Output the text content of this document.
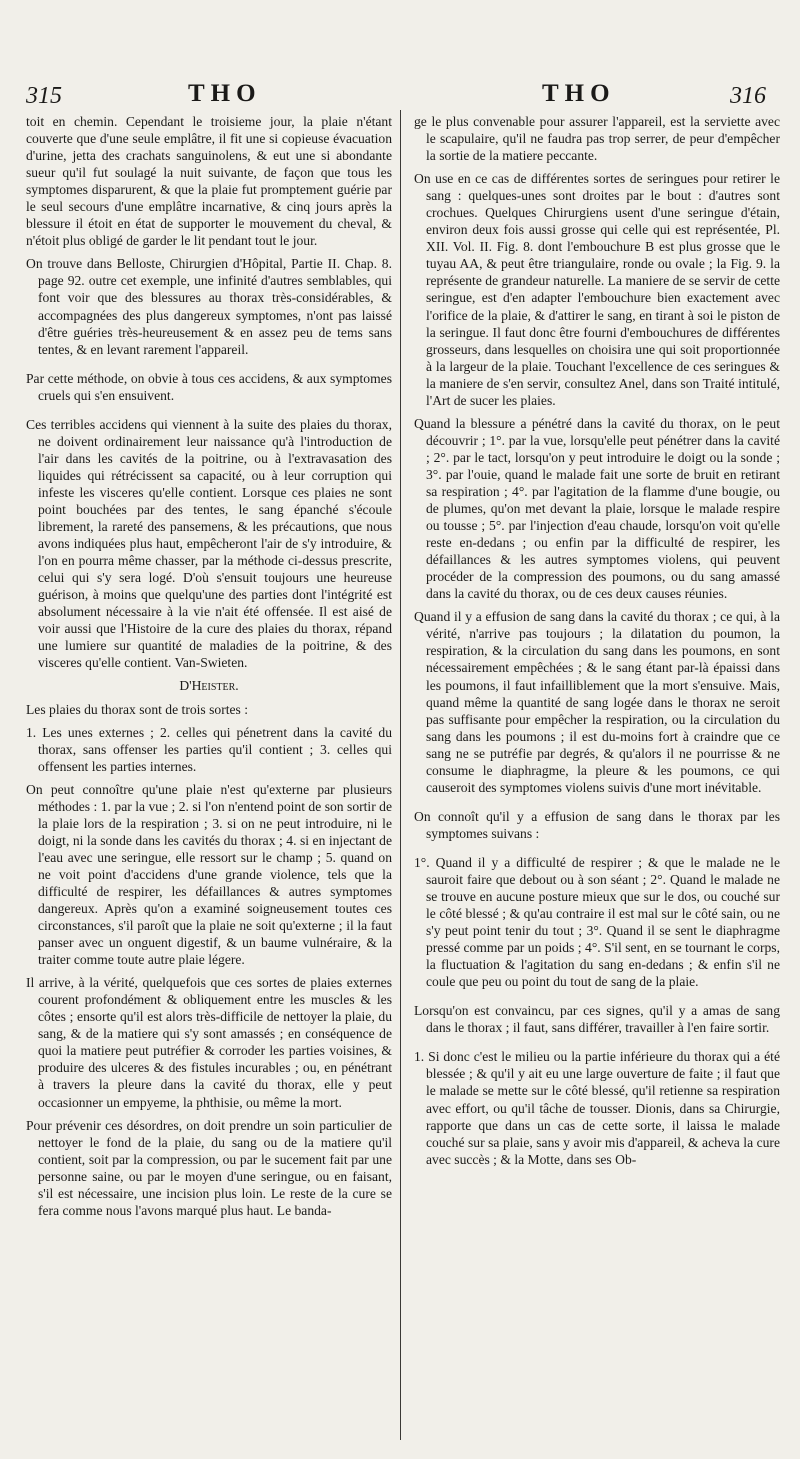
315	THO	THO	316

toit en chemin. Cependant le troisieme jour, la plaie n'étant couverte que d'une seule emplâtre, il fit une si copieuse évacuation d'urine, jetta des crachats sanguinolens, & eut une si abondante sueur qu'il fut soulagé la nuit suivante, de façon que tous les symptomes disparurent, & que la plaie fut promptement guérie par le seul secours d'une emplâtre incarnative, & cinq jours après la blessure il étoit en état de supporter le mouvement du cheval, & n'étoit plus obligé de garder le lit pendant tout le jour.

On trouve dans Belloste, Chirurgien d'Hôpital, Partie II. Chap. 8. page 92. outre cet exemple, une infinité d'autres semblables, qui font voir que des blessures au thorax très-considérables, & accompagnées des plus dangereux symptomes, n'ont pas laissé d'être guéries très-heureusement & en assez peu de tems sans tentes, & en levant rarement l'appareil.

Par cette méthode, on obvie à tous ces accidens, & aux symptomes cruels qui s'en ensuivent.

Ces terribles accidens qui viennent à la suite des plaies du thorax, ne doivent ordinairement leur naissance qu'à l'introduction de l'air dans les cavités de la poitrine, ou à l'extravasation des liquides qui rétrécissent sa capacité, ou à leur corruption qui infeste les visceres qu'elle contient. Lorsque ces plaies ne sont point bouchées par des tentes, le sang épanché s'écoule librement, la rareté des pansemens, & les précautions, que nous avons indiquées plus haut, empêcheront l'air de s'y introduire, & l'on en pourra même chasser, par la méthode ci-dessus prescrite, celui qui s'y sera logé. D'où s'ensuit toujours une heureuse guérison, à moins que quelqu'une des parties dont l'intégrité est absolument nécessaire à la vie n'ait été offensée. Il est aisé de voir aussi que l'Histoire de la cure des plaies du thorax, répand une lumiere sur quantité de maladies de la poitrine, & des visceres qu'elle contient. Van-Swieten.

D'Heister.

Les plaies du thorax sont de trois sortes :

1. Les unes externes ; 2. celles qui pénetrent dans la cavité du thorax, sans offenser les parties qu'il contient ; 3. celles qui offensent les parties internes.

On peut connoître qu'une plaie n'est qu'externe par plusieurs méthodes : 1. par la vue ; 2. si l'on n'entend point de son sortir de la plaie lors de la respiration ; 3. si on ne peut introduire, ni le doigt, ni la sonde dans les cavités du thorax ; 4. si en injectant de l'eau avec une seringue, elle ressort sur le champ ; 5. quand on ne voit point d'accidens d'une grande violence, tels que la difficulté de respirer, les défaillances & autres symptomes dangereux. Après qu'on a examiné soigneusement toutes ces circonstances, s'il paroît que la plaie ne soit qu'externe ; il la faut panser avec un onguent digestif, & un baume vulnéraire, & la traiter comme toute autre plaie légere.

Il arrive, à la vérité, quelquefois que ces sortes de plaies externes courent profondément & obliquement entre les muscles & les côtes ; ensorte qu'il est alors très-difficile de nettoyer la plaie, du sang, & de la matiere qui s'y sont amassés ; en conséquence de quoi la matiere peut putréfier & corroder les parties voisines, & produire des ulceres & des fistules incurables ; ou, en pénétrant à travers la pleure dans la cavité du thorax, elle y peut occasionner un empyeme, la phthisie, ou même la mort.

Pour prévenir ces désordres, on doit prendre un soin particulier de nettoyer le fond de la plaie, du sang ou de la matiere qu'il contient, soit par la compression, ou par le sucement fait par une personne saine, ou par le moyen d'une seringue, ou en faisant, s'il est nécessaire, une incision plus loin. Le reste de la cure se fera comme nous l'avons marqué plus haut. Le banda-

ge le plus convenable pour assurer l'appareil, est la serviette avec le scapulaire, qu'il ne faudra pas trop serrer, de peur d'empêcher la sortie de la matiere peccante.

On use en ce cas de différentes sortes de seringues pour retirer le sang : quelques-unes sont droites par le bout : d'autres sont crochues. Quelques Chirurgiens usent d'une seringue d'étain, environ deux fois aussi grosse qui celle qui est représentée, Pl. XII. Vol. II. Fig. 8. dont l'embouchure B est plus grosse que le tuyau AA, & peut être triangulaire, ronde ou ovale ; la Fig. 9. la représente de grandeur naturelle. La maniere de se servir de cette seringue, est d'en adapter l'embouchure bien exactement avec l'orifice de la plaie, & d'attirer le sang, en tirant à soi le piston de la seringue. Il faut donc être fourni d'embouchures de différentes grosseurs, dans lesquelles on choisira une qui soit proportionnée à la largeur de la plaie. Touchant l'excellence de ces seringues & la maniere de s'en servir, consultez Anel, dans son Traité intitulé, l'Art de sucer les plaies.

Quand la blessure a pénétré dans la cavité du thorax, on le peut découvrir ; 1°. par la vue, lorsqu'elle peut pénétrer dans la cavité ; 2°. par le tact, lorsqu'on y peut introduire le doigt ou la sonde ; 3°. par l'ouie, quand le malade fait une sorte de bruit en retirant sa respiration ; 4°. par l'agitation de la flamme d'une bougie, ou de plumes, qu'on met devant la plaie, lorsque le malade respire ou tousse ; 5°. par l'injection d'eau chaude, lorsqu'on voit qu'elle reste en-dedans ; ou enfin par la difficulté de respirer, les défaillances & les autres symptomes violens, qui peuvent procéder de la compression des poumons, ou du sang amassé dans la cavité du thorax, ou de ces deux causes réunies.

Quand il y a effusion de sang dans la cavité du thorax ; ce qui, à la vérité, n'arrive pas toujours ; la dilatation du poumon, la respiration, & la circulation du sang dans les poumons, en sont nécessairement empêchées ; & le sang étant par-là épaissi dans les poumons, il faut infailliblement que la mort s'ensuive. Mais, quand même la quantité de sang logée dans le thorax ne seroit pas suffisante pour empêcher la respiration, ou la circulation du sang dans les poumons ; il est du-moins fort à craindre que ce sang ne se putréfie par degrés, & qu'alors il ne pourrisse & ne consume le diaphragme, la pleure & les poumons, ce qui causeroit des symptomes violens suivis d'une mort inévitable.

On connoît qu'il y a effusion de sang dans le thorax par les symptomes suivans :

1°. Quand il y a difficulté de respirer ; & que le malade ne le sauroit faire que debout ou à son séant ; 2°. Quand le malade ne se trouve en aucune posture mieux que sur le dos, ou couché sur le côté blessé ; & qu'au contraire il est mal sur le côté sain, ou ne s'y peut point tenir du tout ; 3°. Quand il se sent le diaphragme pressé comme par un poids ; 4°. S'il sent, en se tournant le corps, la fluctuation & l'agitation du sang en-dedans ; & enfin s'il ne coule que peu ou point du tout de sang de la plaie.

Lorsqu'on est convaincu, par ces signes, qu'il y a amas de sang dans le thorax ; il faut, sans différer, travailler à l'en faire sortir.

1. Si donc c'est le milieu ou la partie inférieure du thorax qui a été blessée ; & qu'il y ait eu une large ouverture de faite ; il faut que le malade se mette sur le côté blessé, qu'il retienne sa respiration avec effort, ou qu'il tâche de tousser. Dionis, dans sa Chirurgie, rapporte que dans un cas de cette sorte, il laissa le malade couché sur sa plaie, sans y avoir mis d'appareil, & acheva la cure avec succès ; & la Motte, dans ses Ob-
